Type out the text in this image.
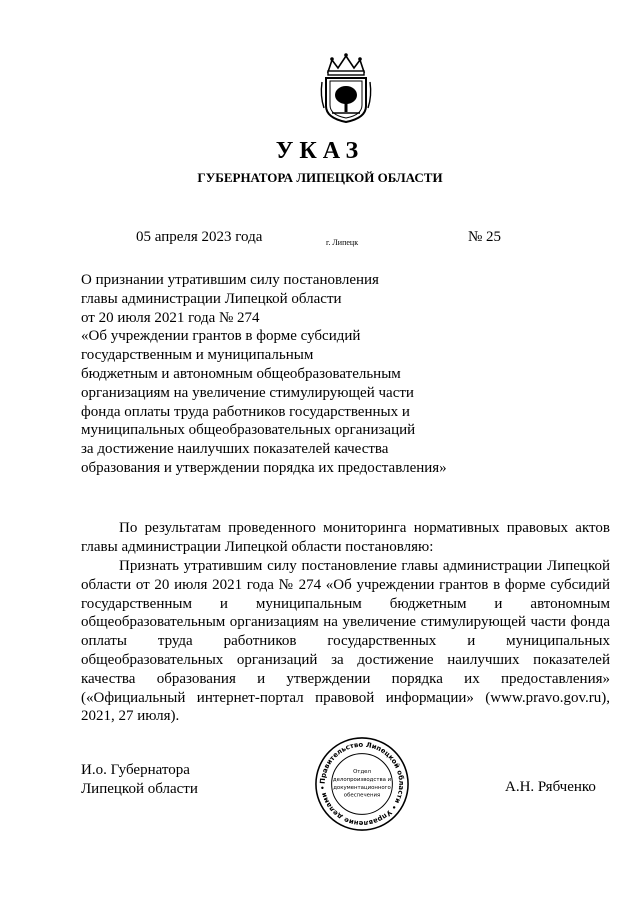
УКАЗ
ГУБЕРНАТОРА ЛИПЕЦКОЙ ОБЛАСТИ
05 апреля 2023 года	г. Липецк	№ 25
О признании утратившим силу постановления
главы администрации Липецкой области
от 20 июля 2021 года № 274
«Об учреждении грантов в форме субсидий
государственным и муниципальным
бюджетным и автономным общеобразовательным
организациям на увеличение стимулирующей части
фонда оплаты труда работников государственных и
муниципальных общеобразовательных организаций
за достижение наилучших показателей качества
образования и утверждении порядка их предоставления»

По результатам проведенного мониторинга нормативных правовых актов главы администрации Липецкой области постановляю:

Признать утратившим силу постановление главы администрации Липецкой области от 20 июля 2021 года № 274 «Об учреждении грантов в форме субсидий государственным и муниципальным бюджетным и автономным общеобразовательным организациям на увеличение стимулирующей части фонда оплаты труда работников государственных и муниципальных общеобразовательных организаций за достижение наилучших показателей качества образования и утверждении порядка их предоставления» («Официальный интернет-портал правовой информации» (www.pravo.gov.ru), 2021, 27 июля).

И.о. Губернатора
Липецкой области	А.Н. Рябченко
Правительство Липецкой области • Управление делами •
Отдел
делопроизводства и
документационного
обеспечения
